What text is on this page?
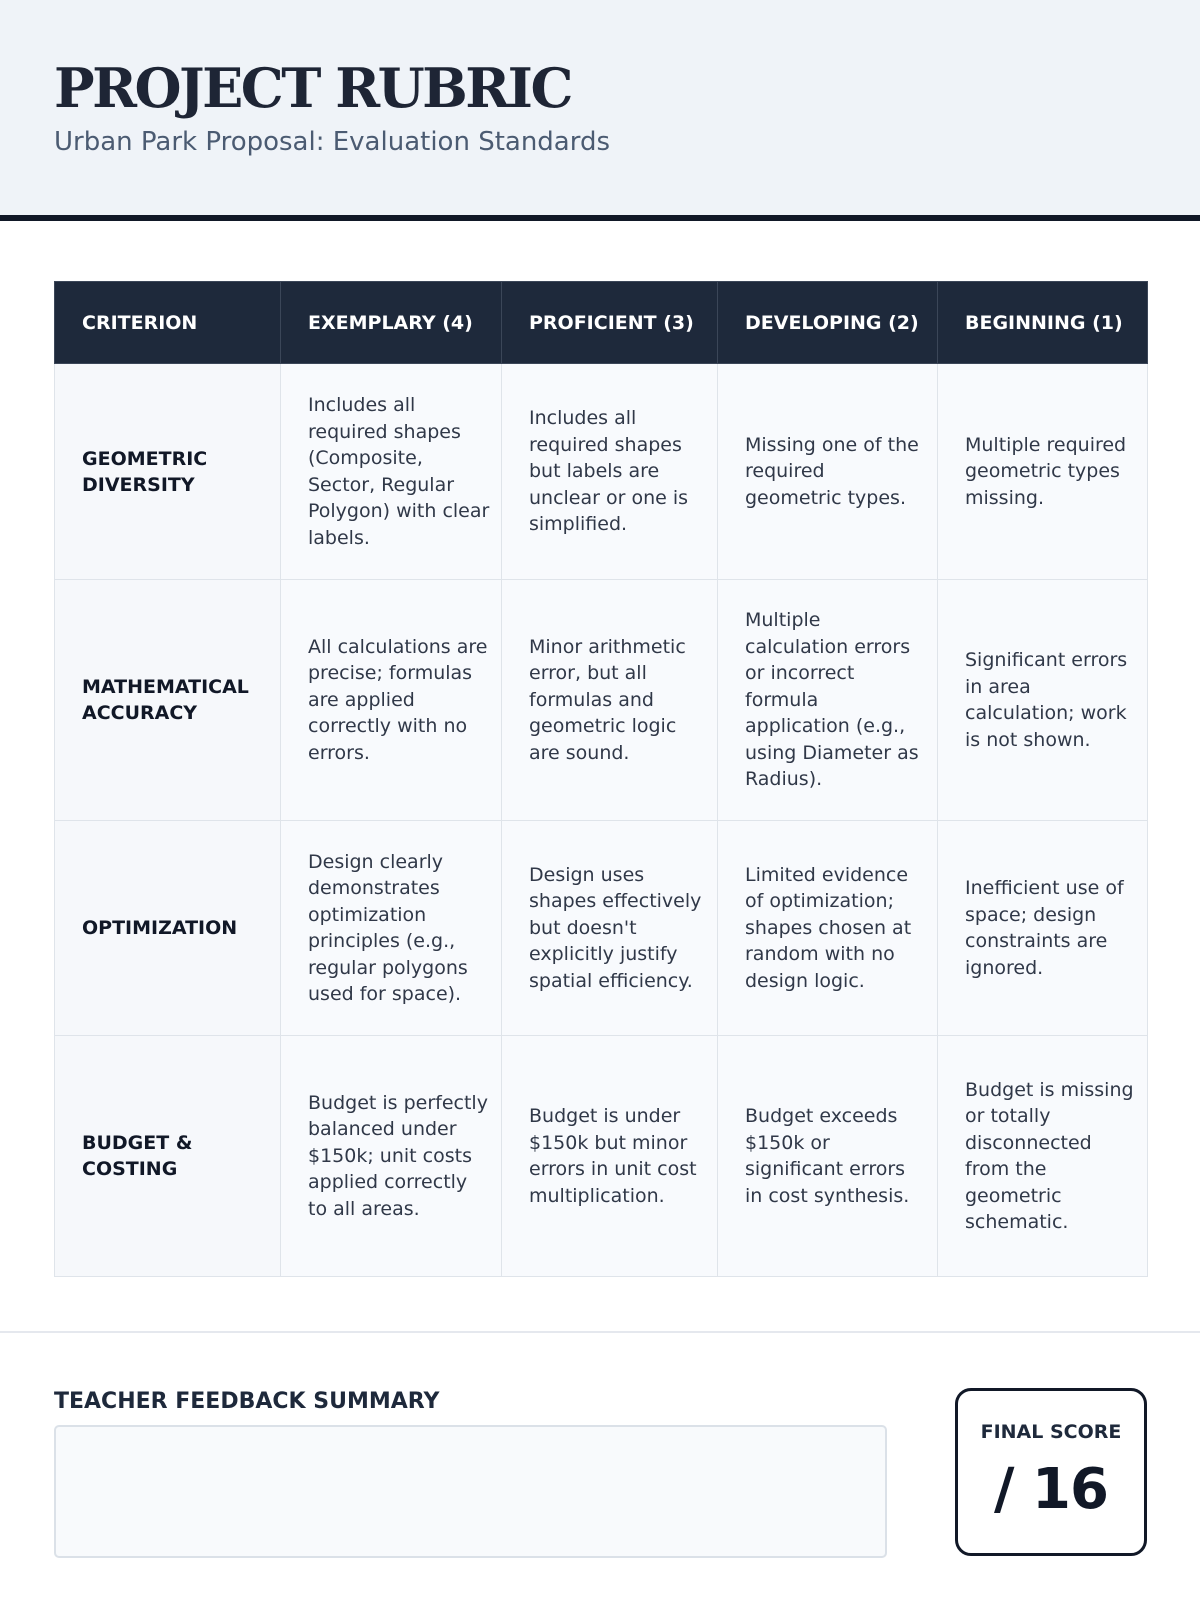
PROJECT RUBRIC

Urban Park Proposal: Evaluation Standards

CRITERION	EXEMPLARY (4)	PROFICIENT (3)	DEVELOPING (2)	BEGINNING (1)
GEOMETRIC DIVERSITY	Includes all required shapes (Composite, Sector, Regular Polygon) with clear labels.	Includes all required shapes but labels are unclear or one is simplified.	Missing one of the required geometric types.	Multiple required geometric types missing.
MATHEMATICAL ACCURACY	All calculations are precise; formulas are applied correctly with no errors.	Minor arithmetic error, but all formulas and geometric logic are sound.	Multiple calculation errors or incorrect formula application (e.g., using Diameter as Radius).	Significant errors in area calculation; work is not shown.
OPTIMIZATION	Design clearly demonstrates optimization principles (e.g., regular polygons used for space).	Design uses shapes effectively but doesn't explicitly justify spatial efficiency.	Limited evidence of optimization; shapes chosen at random with no design logic.	Inefficient use of space; design constraints are ignored.
BUDGET & COSTING	Budget is perfectly balanced under $150k; unit costs applied correctly to all areas.	Budget is under $150k but minor errors in unit cost multiplication.	Budget exceeds $150k or significant errors in cost synthesis.	Budget is missing or totally disconnected from the geometric schematic.

TEACHER FEEDBACK SUMMARY

FINAL SCORE
/ 16
